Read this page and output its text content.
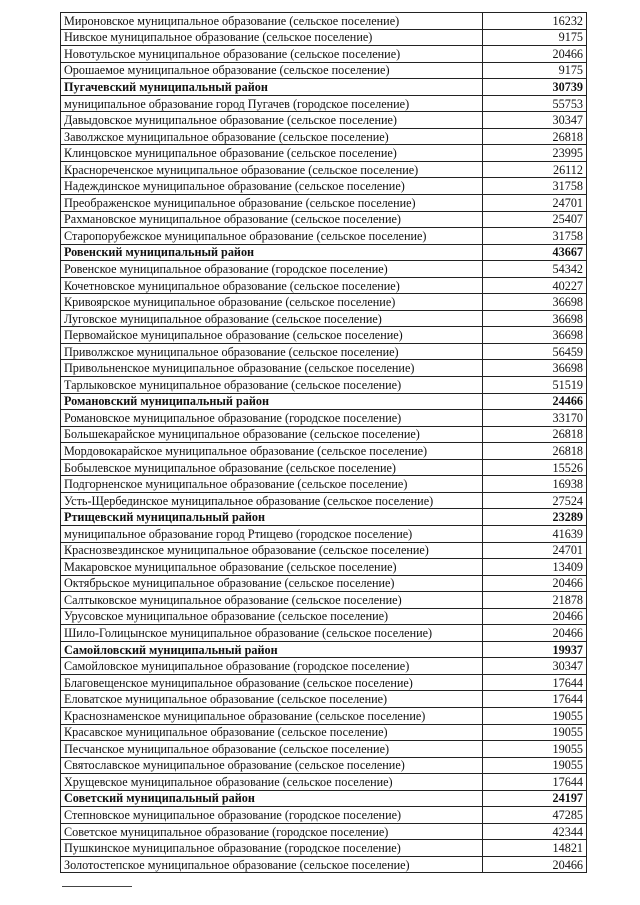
Мироновское муниципальное образование (сельское поселение)	16232
Нивское муниципальное образование (сельское поселение)	9175
Новотульское муниципальное образование (сельское поселение)	20466
Орошаемое муниципальное образование (сельское поселение)	9175
Пугачевский муниципальный район	30739
муниципальное образование город Пугачев (городское поселение)	55753
Давыдовское муниципальное образование (сельское поселение)	30347
Заволжское муниципальное образование (сельское поселение)	26818
Клинцовское муниципальное образование (сельское поселение)	23995
Краснореченское муниципальное образование (сельское поселение)	26112
Надеждинское муниципальное образование (сельское поселение)	31758
Преображенское муниципальное образование (сельское поселение)	24701
Рахмановское муниципальное образование (сельское поселение)	25407
Старопорубежское муниципальное образование (сельское поселение)	31758
Ровенский муниципальный район	43667
Ровенское муниципальное образование (городское поселение)	54342
Кочетновское муниципальное образование (сельское поселение)	40227
Кривоярское муниципальное образование (сельское поселение)	36698
Луговское муниципальное образование (сельское поселение)	36698
Первомайское муниципальное образование (сельское поселение)	36698
Приволжское муниципальное образование (сельское поселение)	56459
Привольненское муниципальное образование (сельское поселение)	36698
Тарлыковское муниципальное образование (сельское поселение)	51519
Романовский муниципальный район	24466
Романовское муниципальное образование (городское поселение)	33170
Большекарайское муниципальное образование (сельское поселение)	26818
Мордовокарайское муниципальное образование (сельское поселение)	26818
Бобылевское муниципальное образование (сельское поселение)	15526
Подгорненское муниципальное образование (сельское поселение)	16938
Усть-Щербединское муниципальное образование (сельское поселение)	27524
Ртищевский муниципальный район	23289
муниципальное образование город Ртищево (городское поселение)	41639
Краснозвездинское муниципальное образование (сельское поселение)	24701
Макаровское муниципальное образование (сельское поселение)	13409
Октябрьское муниципальное образование (сельское поселение)	20466
Салтыковское муниципальное образование (сельское поселение)	21878
Урусовское муниципальное образование (сельское поселение)	20466
Шило-Голицынское муниципальное образование (сельское поселение)	20466
Самойловский муниципальный район	19937
Самойловское муниципальное образование (городское поселение)	30347
Благовещенское муниципальное образование (сельское поселение)	17644
Еловатское муниципальное образование (сельское поселение)	17644
Краснознаменское муниципальное образование (сельское поселение)	19055
Красавское муниципальное образование (сельское поселение)	19055
Песчанское муниципальное образование (сельское поселение)	19055
Святославское муниципальное образование (сельское поселение)	19055
Хрущевское муниципальное образование (сельское поселение)	17644
Советский муниципальный район	24197
Степновское муниципальное образование (городское поселение)	47285
Советское муниципальное образование (городское поселение)	42344
Пушкинское муниципальное образование (городское поселение)	14821
Золотостепское муниципальное образование (сельское поселение)	20466
